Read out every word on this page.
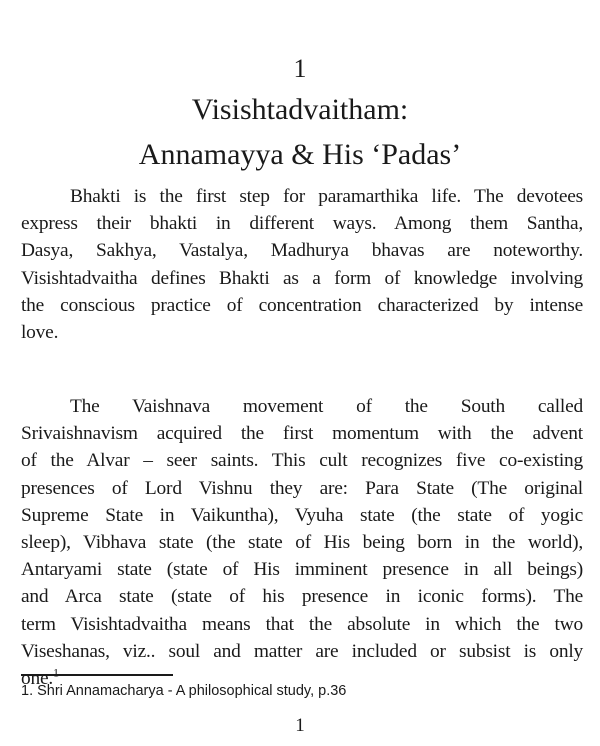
1
Visishtadvaitham:
Annamayya & His ‘Padas’
Bhakti is the first step for paramarthika life. The devotees
express their bhakti in different ways. Among them Santha,
Dasya, Sakhya, Vastalya, Madhurya bhavas are noteworthy.
Visishtadvaitha defines Bhakti as a form of knowledge involving
the conscious practice of concentration characterized by intense
love.
The Vaishnava movement of the South called
Srivaishnavism acquired the first momentum with the advent
of the Alvar – seer saints. This cult recognizes five co-existing
presences of Lord Vishnu they are: Para State (The original
Supreme State in Vaikuntha), Vyuha state (the state of yogic
sleep), Vibhava state (the state of His being born in the world),
Antaryami state (state of His imminent presence in all beings)
and Arca state (state of his presence in iconic forms). The
term Visishtadvaitha means that the absolute in which the two
Viseshanas, viz.. soul and matter are included or subsist is only
one.$^1$
1. Shri Annamacharya - A philosophical study, p.36
1
